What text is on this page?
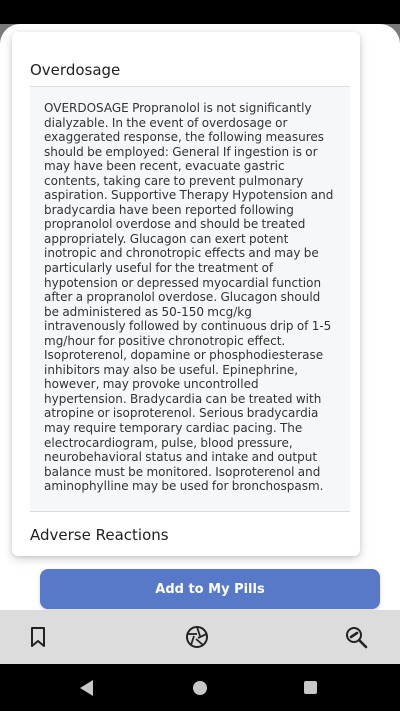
Overdosage
OVERDOSAGE Propranolol is not significantly dialyzable. In the event of overdosage or exaggerated response, the following measures should be employed: General If ingestion is or may have been recent, evacuate gastric contents, taking care to prevent pulmonary aspiration. Supportive Therapy Hypotension and bradycardia have been reported following propranolol overdose and should be treated appropriately. Glucagon can exert potent inotropic and chronotropic effects and may be particularly useful for the treatment of hypotension or depressed myocardial function after a propranolol overdose. Glucagon should be administered as 50-150 mcg/kg intravenously followed by continuous drip of 1-5 mg/hour for positive chronotropic effect. Isoproterenol, dopamine or phosphodiesterase inhibitors may also be useful. Epinephrine, however, may provoke uncontrolled hypertension. Bradycardia can be treated with atropine or isoproterenol. Serious bradycardia may require temporary cardiac pacing. The electrocardiogram, pulse, blood pressure, neurobehavioral status and intake and output balance must be monitored. Isoproterenol and aminophylline may be used for bronchospasm.
Adverse Reactions
Add to My Pills
